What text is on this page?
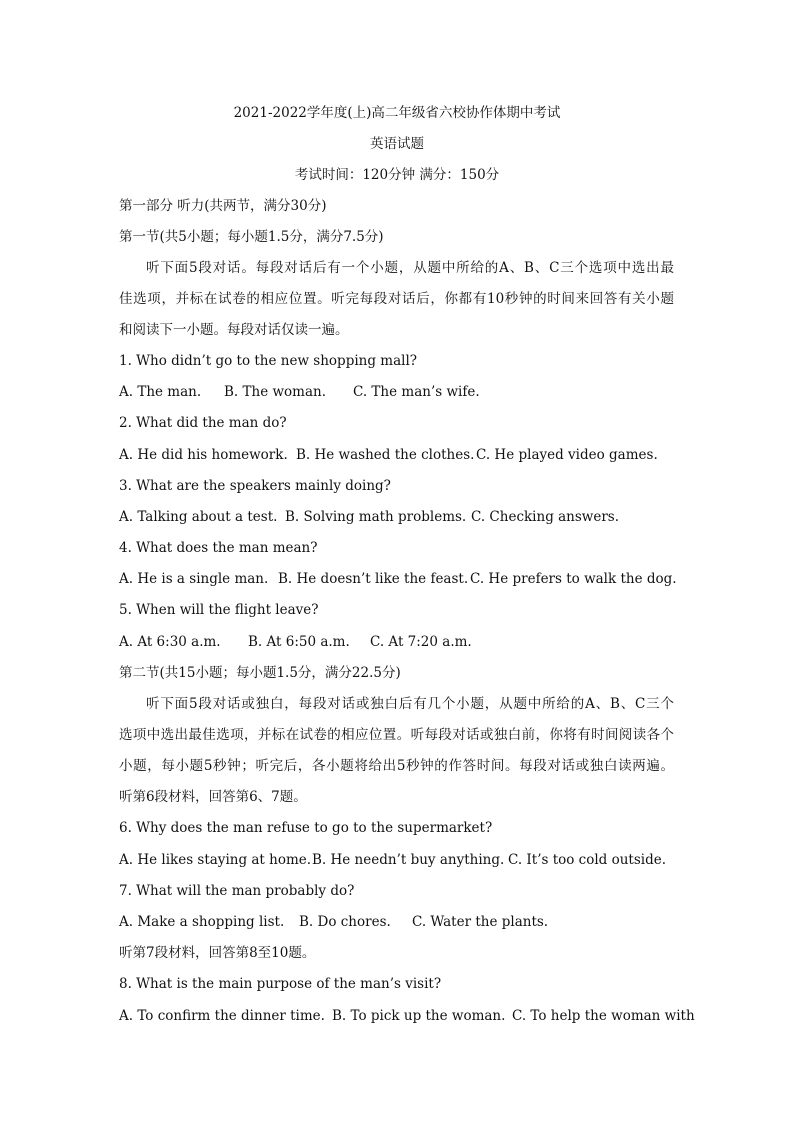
2021-2022学年度(上)高二年级省六校协作体期中考试
英语试题
考试时间：120分钟 满分：150分
第一部分 听力(共两节，满分30分)
第一节(共5小题；每小题1.5分，满分7.5分)
听下面5段对话。每段对话后有一个小题，从题中所给的A、B、C三个选项中选出最
佳选项，并标在试卷的相应位置。听完每段对话后，你都有10秒钟的时间来回答有关小题
和阅读下一小题。每段对话仅读一遍。
1. Who didn’t go to the new shopping mall?
A. The man. B. The woman. C. The man’s wife.
2. What did the man do?
A. He did his homework. B. He washed the clothes. C. He played video games.
3. What are the speakers mainly doing?
A. Talking about a test. B. Solving math problems. C. Checking answers.
4. What does the man mean?
A. He is a single man. B. He doesn’t like the feast. C. He prefers to walk the dog.
5. When will the flight leave?
A. At 6:30 a.m. B. At 6:50 a.m. C. At 7:20 a.m.
第二节(共15小题；每小题1.5分，满分22.5分)
听下面5段对话或独白，每段对话或独白后有几个小题，从题中所给的A、B、C三个
选项中选出最佳选项，并标在试卷的相应位置。听每段对话或独白前，你将有时间阅读各个
小题，每小题5秒钟；听完后，各小题将给出5秒钟的作答时间。每段对话或独白读两遍。
听第6段材料，回答第6、7题。
6. Why does the man refuse to go to the supermarket?
A. He likes staying at home. B. He needn’t buy anything. C. It’s too cold outside.
7. What will the man probably do?
A. Make a shopping list. B. Do chores. C. Water the plants.
听第7段材料，回答第8至10题。
8. What is the main purpose of the man’s visit?
A. To confirm the dinner time. B. To pick up the woman. C. To help the woman with
